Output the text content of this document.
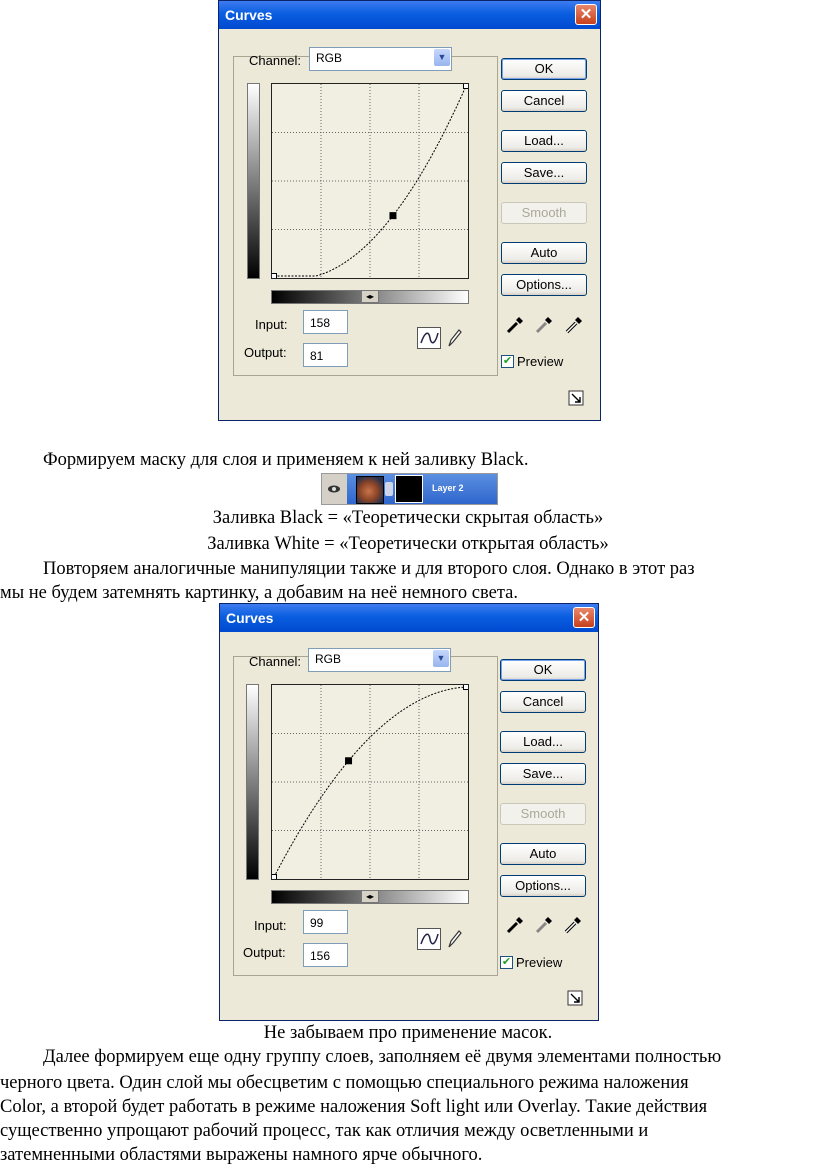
Curves	✕
Channel: RGB	▼
◂▸
Input: 158
Output: 81
OK
Cancel
Load...
Save...
Smooth
Auto
Options...
✔ Preview
Формируем маску для слоя и применяем к ней заливку Black.
Layer 2
Заливка Black = «Теоретически скрытая область»
Заливка White = «Теоретически открытая область»
Повторяем аналогичные манипуляции также и для второго слоя. Однако в этот раз
мы не будем затемнять картинку, а добавим на неё немного света.
Curves	✕
Channel: RGB	▼
◂▸
Input: 99
Output: 156
OK
Cancel
Load...
Save...
Smooth
Auto
Options...
✔ Preview
Не забываем про применение масок.
Далее формируем еще одну группу слоев, заполняем её двумя элементами полностью
черного цвета. Один слой мы обесцветим с помощью специального режима наложения
Color, а второй будет работать в режиме наложения Soft light или Overlay. Такие действия
существенно упрощают рабочий процесс, так как отличия между осветленными и
затемненными областями выражены намного ярче обычного.
